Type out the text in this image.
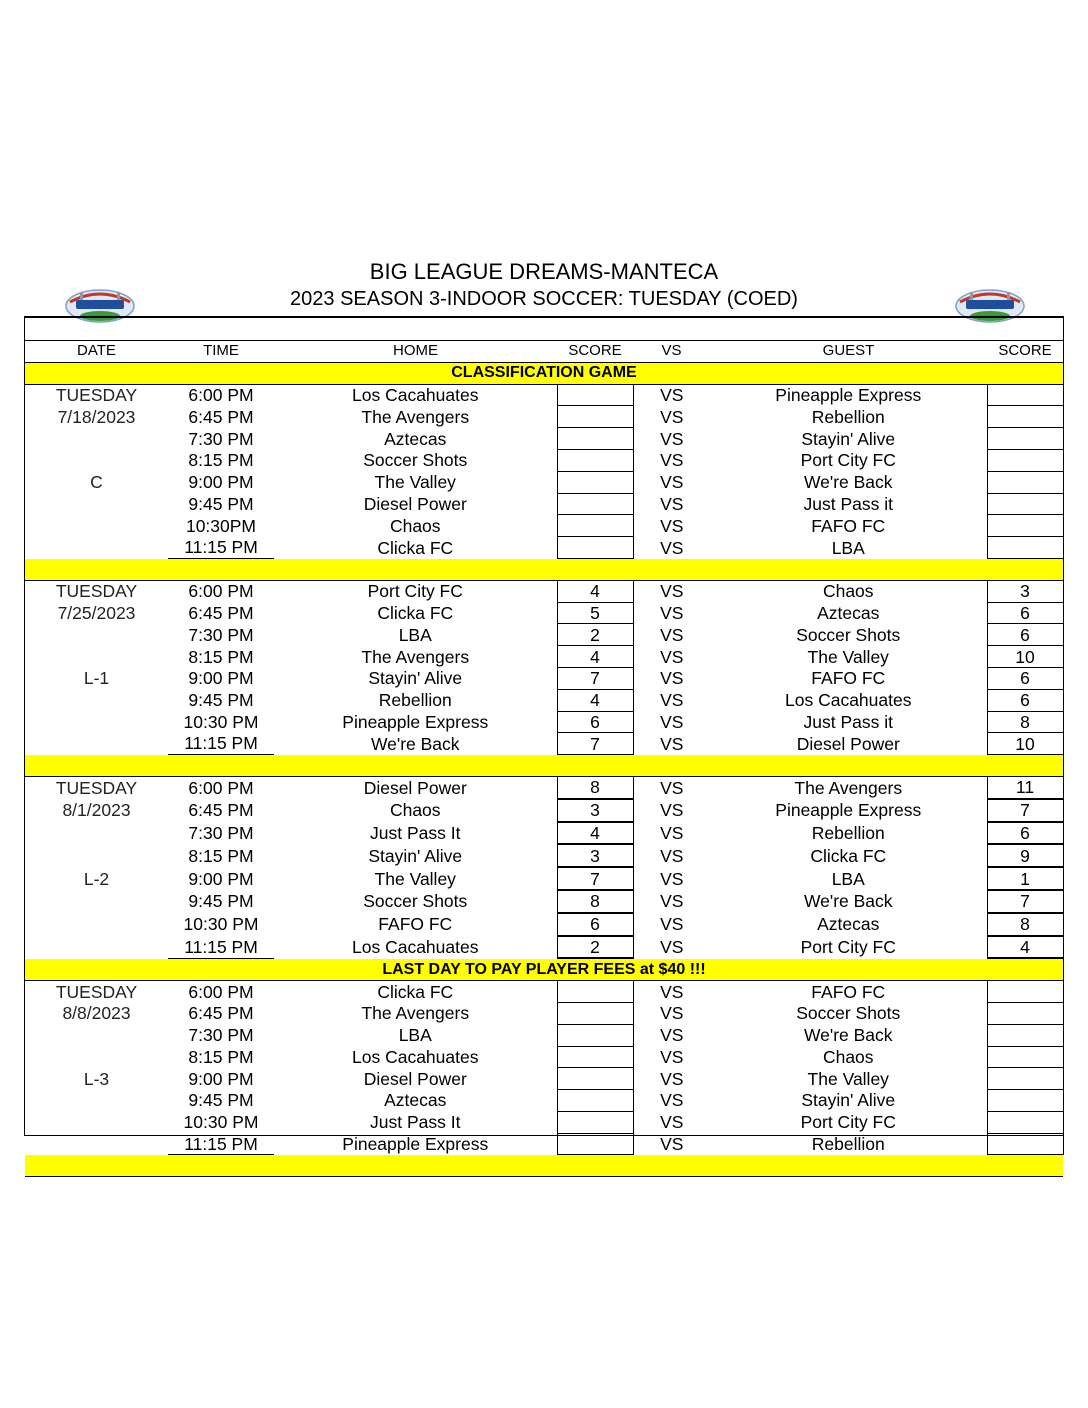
BIG LEAGUE DREAMS-MANTECA
2023 SEASON 3-INDOOR SOCCER: TUESDAY (COED)
DATE	TIME	HOME	SCORE	VS	GUEST	SCORE
CLASSIFICATION GAME						
TUESDAY	6:00 PM	Los Cacahuates		VS	Pineapple Express	
7/18/2023	6:45 PM	The Avengers		VS	Rebellion	
	7:30 PM	Aztecas		VS	Stayin' Alive	
	8:15 PM	Soccer Shots		VS	Port City FC	
C	9:00 PM	The Valley		VS	We're Back	
	9:45 PM	Diesel Power		VS	Just Pass it	
	10:30PM	Chaos		VS	FAFO FC	
	11:15 PM	Clicka FC		VS	LBA	

TUESDAY	6:00 PM	Port City FC	4	VS	Chaos	3
7/25/2023	6:45 PM	Clicka FC	5	VS	Aztecas	6
	7:30 PM	LBA	2	VS	Soccer Shots	6
	8:15 PM	The Avengers	4	VS	The Valley	10
L-1	9:00 PM	Stayin' Alive	7	VS	FAFO FC	6
	9:45 PM	Rebellion	4	VS	Los Cacahuates	6
	10:30 PM	Pineapple Express	6	VS	Just Pass it	8
	11:15 PM	We're Back	7	VS	Diesel Power	10

TUESDAY	6:00 PM	Diesel Power	8	VS	The Avengers	11
8/1/2023	6:45 PM	Chaos	3	VS	Pineapple Express	7
	7:30 PM	Just Pass It	4	VS	Rebellion	6
	8:15 PM	Stayin' Alive	3	VS	Clicka FC	9
L-2	9:00 PM	The Valley	7	VS	LBA	1
	9:45 PM	Soccer Shots	8	VS	We're Back	7
	10:30 PM	FAFO FC	6	VS	Aztecas	8
	11:15 PM	Los Cacahuates	2	VS	Port City FC	4
LAST DAY TO PAY PLAYER FEES at $40 !!!						
TUESDAY	6:00 PM	Clicka FC		VS	FAFO FC	
8/8/2023	6:45 PM	The Avengers		VS	Soccer Shots	
	7:30 PM	LBA		VS	We're Back	
	8:15 PM	Los Cacahuates		VS	Chaos	
L-3	9:00 PM	Diesel Power		VS	The Valley	
	9:45 PM	Aztecas		VS	Stayin' Alive	
	10:30 PM	Just Pass It		VS	Port City FC	
	11:15 PM	Pineapple Express		VS	Rebellion	
